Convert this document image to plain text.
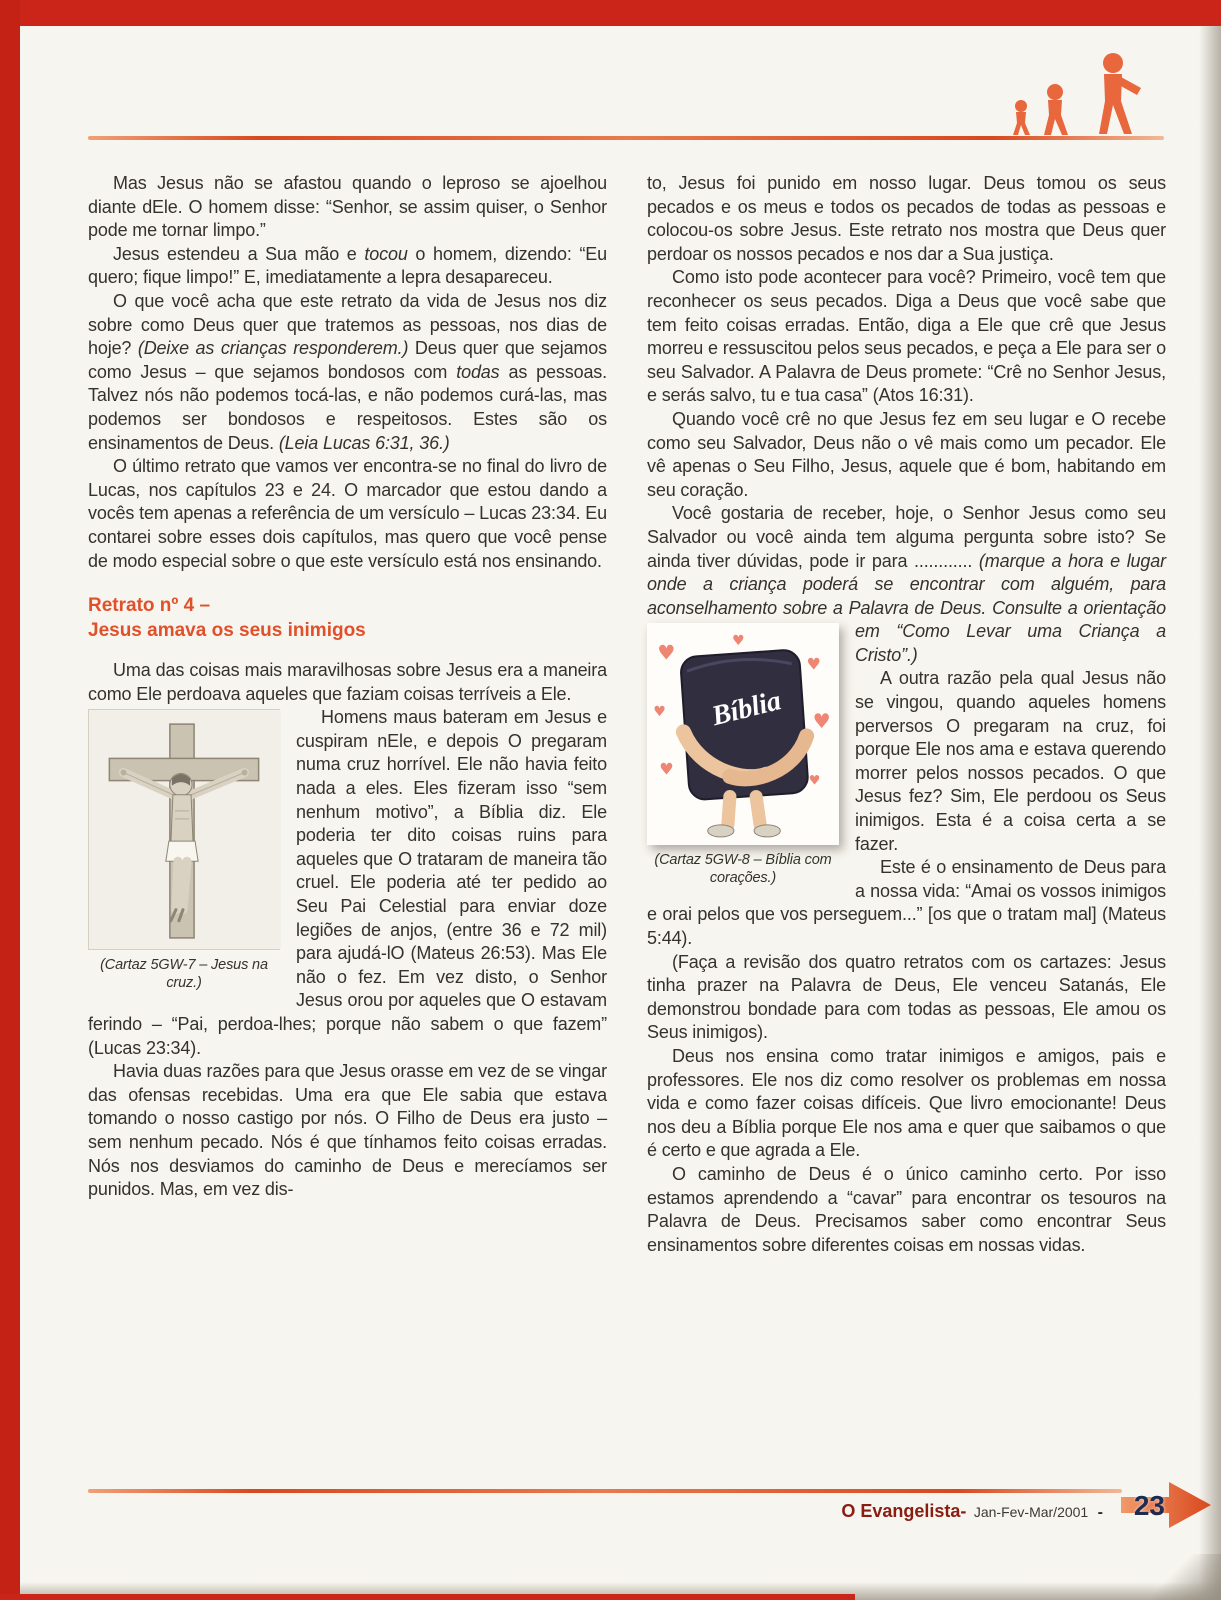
Mas Jesus não se afastou quando o leproso se ajoelhou diante dEle. O homem disse: “Senhor, se assim quiser, o Senhor pode me tornar limpo.”

Jesus estendeu a Sua mão e tocou o homem, dizendo: “Eu quero; fique limpo!” E, imediatamente a lepra desapareceu.

O que você acha que este retrato da vida de Jesus nos diz sobre como Deus quer que tratemos as pessoas, nos dias de hoje? (Deixe as crianças responderem.) Deus quer que sejamos como Jesus – que sejamos bondosos com todas as pessoas. Talvez nós não podemos tocá-las, e não podemos curá-las, mas podemos ser bondosos e respeitosos. Estes são os ensinamentos de Deus. (Leia Lucas 6:31, 36.)

O último retrato que vamos ver encontra-se no final do livro de Lucas, nos capítulos 23 e 24. O marcador que estou dando a vocês tem apenas a referência de um versículo – Lucas 23:34. Eu contarei sobre esses dois capítulos, mas quero que você pense de modo especial sobre o que este versículo está nos ensinando.

Retrato nº 4 –
Jesus amava os seus inimigos

Uma das coisas mais maravilhosas sobre Jesus era a maneira como Ele perdoava aqueles que faziam coisas terríveis a Ele.

(Cartaz 5GW-7 – Jesus na cruz.)
Homens maus bateram em Jesus e cuspiram nEle, e depois O pregaram numa cruz horrível. Ele não havia feito nada a eles. Eles fizeram isso “sem nenhum motivo”, a Bíblia diz. Ele poderia ter dito coisas ruins para aqueles que O trataram de maneira tão cruel. Ele poderia até ter pedido ao Seu Pai Celestial para enviar doze legiões de anjos, (entre 36 e 72 mil) para ajudá-lO (Mateus 26:53). Mas Ele não o fez. Em vez disto, o Senhor Jesus orou por aqueles que O estavam ferindo – “Pai, perdoa-lhes; porque não sabem o que fazem” (Lucas 23:34).

Havia duas razões para que Jesus orasse em vez de se vingar das ofensas recebidas. Uma era que Ele sabia que estava tomando o nosso castigo por nós. O Filho de Deus era justo – sem nenhum pecado. Nós é que tínhamos feito coisas erradas. Nós nos desviamos do caminho de Deus e merecíamos ser punidos. Mas, em vez dis-

to, Jesus foi punido em nosso lugar. Deus tomou os seus pecados e os meus e todos os pecados de todas as pessoas e colocou-os sobre Jesus. Este retrato nos mostra que Deus quer perdoar os nossos pecados e nos dar a Sua justiça.

Como isto pode acontecer para você? Primeiro, você tem que reconhecer os seus pecados. Diga a Deus que você sabe que tem feito coisas erradas. Então, diga a Ele que crê que Jesus morreu e ressuscitou pelos seus pecados, e peça a Ele para ser o seu Salvador. A Palavra de Deus promete: “Crê no Senhor Jesus, e serás salvo, tu e tua casa” (Atos 16:31).

Quando você crê no que Jesus fez em seu lugar e O recebe como seu Salvador, Deus não o vê mais como um pecador. Ele vê apenas o Seu Filho, Jesus, aquele que é bom, habitando em seu coração.

Você gostaria de receber, hoje, o Senhor Jesus como seu Salvador ou você ainda tem alguma pergunta sobre isto? Se ainda tiver dúvidas, pode ir para ............ (marque a hora e lugar onde a criança poderá se encontrar com alguém, para aconselhamento sobre a Palavra de Deus.
Bíblia
♥	♥
♥	♥
♥
♥
♥
(Cartaz 5GW-8 – Bíblia com corações.)
Consulte a orientação em “Como Levar uma Criança a Cristo”.)

A outra razão pela qual Jesus não se vingou, quando aqueles homens perversos O pregaram na cruz, foi porque Ele nos ama e estava querendo morrer pelos nossos pecados. O que Jesus fez? Sim, Ele perdoou os Seus inimigos. Esta é a coisa certa a se fazer.

Este é o ensinamento de Deus para a nossa vida: “Amai os vossos inimigos e orai pelos que vos perseguem...” [os que o tratam mal] (Mateus 5:44).

(Faça a revisão dos quatro retratos com os cartazes: Jesus tinha prazer na Palavra de Deus, Ele venceu Satanás, Ele demonstrou bondade para com todas as pessoas, Ele amou os Seus inimigos).

Deus nos ensina como tratar inimigos e amigos, pais e professores. Ele nos diz como resolver os problemas em nossa vida e como fazer coisas difíceis. Que livro emocionante! Deus nos deu a Bíblia porque Ele nos ama e quer que saibamos o que é certo e que agrada a Ele.

O caminho de Deus é o único caminho certo. Por isso estamos aprendendo a “cavar” para encontrar os tesouros na Palavra de Deus. Precisamos saber como encontrar Seus ensinamentos sobre diferentes coisas em nossas vidas.

O Evangelista- Jan-Fev-Mar/2001 - 23
